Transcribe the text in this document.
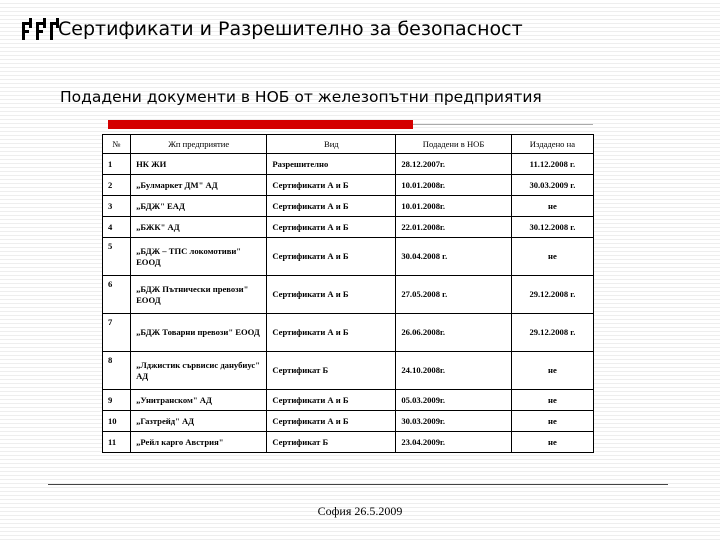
Сертификати и Разрешително за безопасност
Подадени документи в НОБ от железопътни предприятия
№	Жп предприятие	Вид	Подадени в НОБ	Издадено на
1	НК ЖИ	Разрешително	28.12.2007г.	11.12.2008 г.
2	„Булмаркет ДМ" АД	Сертификати А и Б	10.01.2008г.	30.03.2009 г.
3	„БДЖ" ЕАД	Сертификати А и Б	10.01.2008г.	не
4	„БЖК" АД	Сертификати А и Б	22.01.2008г.	30.12.2008 г.
5	„БДЖ – ТПС локомотиви" ЕООД	Сертификати А и Б	30.04.2008 г.	не
6	„БДЖ Пътнически превози" ЕООД	Сертификати А и Б	27.05.2008 г.	29.12.2008 г.
7	„БДЖ Товарни превози" ЕООД	Сертификати А и Б	26.06.2008г.	29.12.2008 г.
8	„Лджистик сървисис данубиус" АД	Сертификат Б	24.10.2008г.	не
9	„Унитранском" АД	Сертификати А и Б	05.03.2009г.	не
10	„Газтрейд" АД	Сертификати А и Б	30.03.2009г.	не
11	„Рейл карго Австрия"	Сертификат Б	23.04.2009г.	не
София 26.5.2009
